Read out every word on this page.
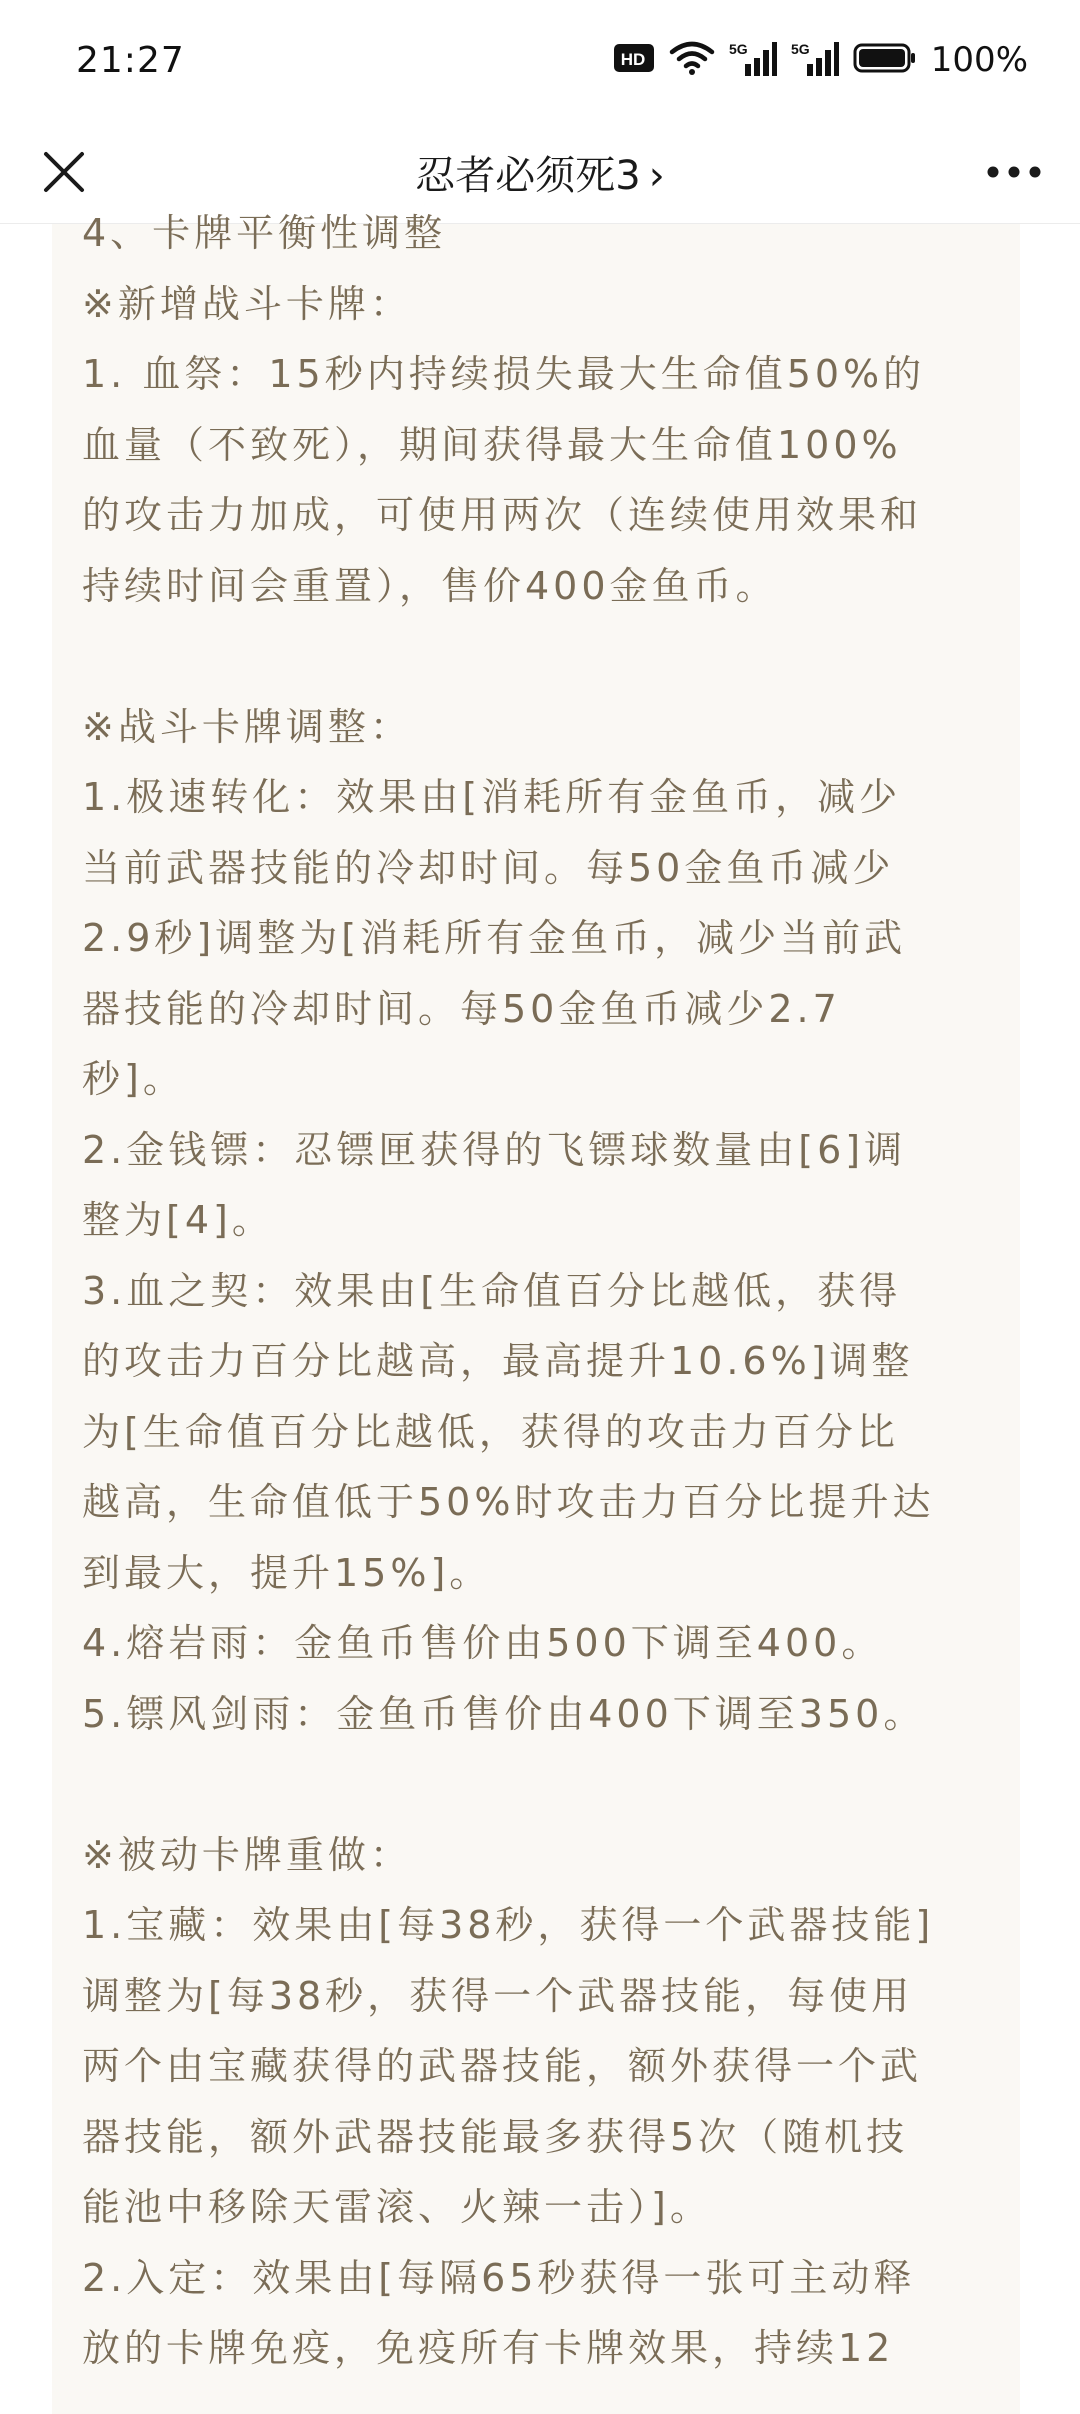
21:27	HD
5G	5G	100%
忍者必须死3 ›
4、卡牌平衡性调整
※新增战斗卡牌：
1. 血祭：15秒内持续损失最大生命值50%的
血量（不致死），期间获得最大生命值100%
的攻击力加成，可使用两次（连续使用效果和
持续时间会重置），售价400金鱼币。
※战斗卡牌调整：
1.极速转化：效果由[消耗所有金鱼币，减少
当前武器技能的冷却时间。每50金鱼币减少
2.9秒]调整为[消耗所有金鱼币，减少当前武
器技能的冷却时间。每50金鱼币减少2.7
秒]。
2.金钱镖：忍镖匣获得的飞镖球数量由[6]调
整为[4]。
3.血之契：效果由[生命值百分比越低，获得
的攻击力百分比越高，最高提升10.6%]调整
为[生命值百分比越低，获得的攻击力百分比
越高，生命值低于50%时攻击力百分比提升达
到最大，提升15%]。
4.熔岩雨：金鱼币售价由500下调至400。
5.镖风剑雨：金鱼币售价由400下调至350。
※被动卡牌重做：
1.宝藏：效果由[每38秒，获得一个武器技能]
调整为[每38秒，获得一个武器技能，每使用
两个由宝藏获得的武器技能，额外获得一个武
器技能，额外武器技能最多获得5次（随机技
能池中移除天雷滚、火辣一击）]。
2.入定：效果由[每隔65秒获得一张可主动释
放的卡牌免疫，免疫所有卡牌效果，持续12
